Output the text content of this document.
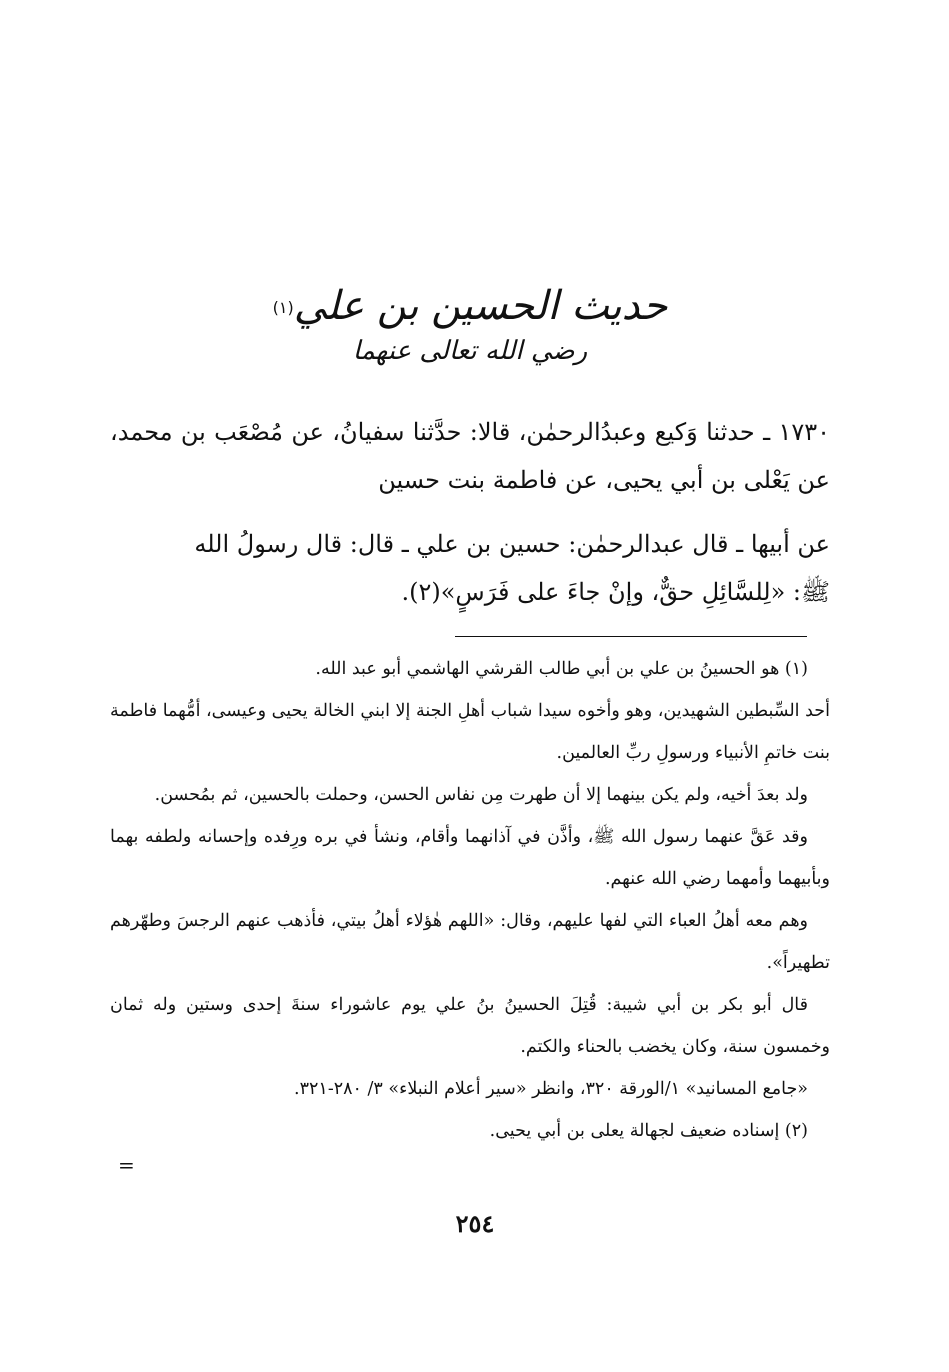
حديث الحسين بن علي$^{(١)}$
رضي الله تعالى عنهما

١٧٣٠ ـ حدثنا وَكيع وعبدُالرحمٰن، قالا: حدَّثنا سفيانُ، عن مُصْعَب بن محمد، عن يَعْلى بن أبي يحيى، عن فاطمة بنت حسين

عن أبيها ـ قال عبدالرحمٰن: حسين بن علي ـ قال: قال رسولُ الله

ﷺ: «لِلسَّائِلِ حقٌّ، وإنْ جاءَ على فَرَسٍ»(٢).

(١) هو الحسينُ بن علي بن أبي طالب القرشي الهاشمي أبو عبد الله.

أحد السِّبطين الشهيدين، وهو وأخوه سيدا شباب أهلِ الجنة إلا ابني الخالة يحيى وعيسى، أمُّهما فاطمة بنت خاتمِ الأنبياء ورسولِ ربِّ العالمين.

ولد بعدَ أخيه، ولم يكن بينهما إلا أن طهرت مِن نفاس الحسن، وحملت بالحسين، ثم بمُحسن.

وقد عَقَّ عنهما رسول الله ﷺ، وأذَّن في آذانهما وأقام، ونشأ في بره ورِفده وإحسانه ولطفه بهما وبأبيهما وأمهما رضي الله عنهم.

وهم معه أهلُ العباء التي لفها عليهم، وقال: «اللهم هٰؤلاء أهلُ بيتي، فأذهب عنهم الرجسَ وطهّرهم تطهيراً».

قال أبو بكر بن أبي شيبة: قُتِلَ الحسينُ بنُ علي يوم عاشوراء سنةَ إحدى وستين وله ثمان وخمسون سنة، وكان يخضب بالحناء والكتم.

«جامع المسانيد» ١/الورقة ٣٢٠، وانظر «سير أعلام النبلاء» ٣/ ٢٨٠-٣٢١.

(٢) إسناده ضعيف لجهالة يعلى بن أبي يحيى.

=
٢٥٤
